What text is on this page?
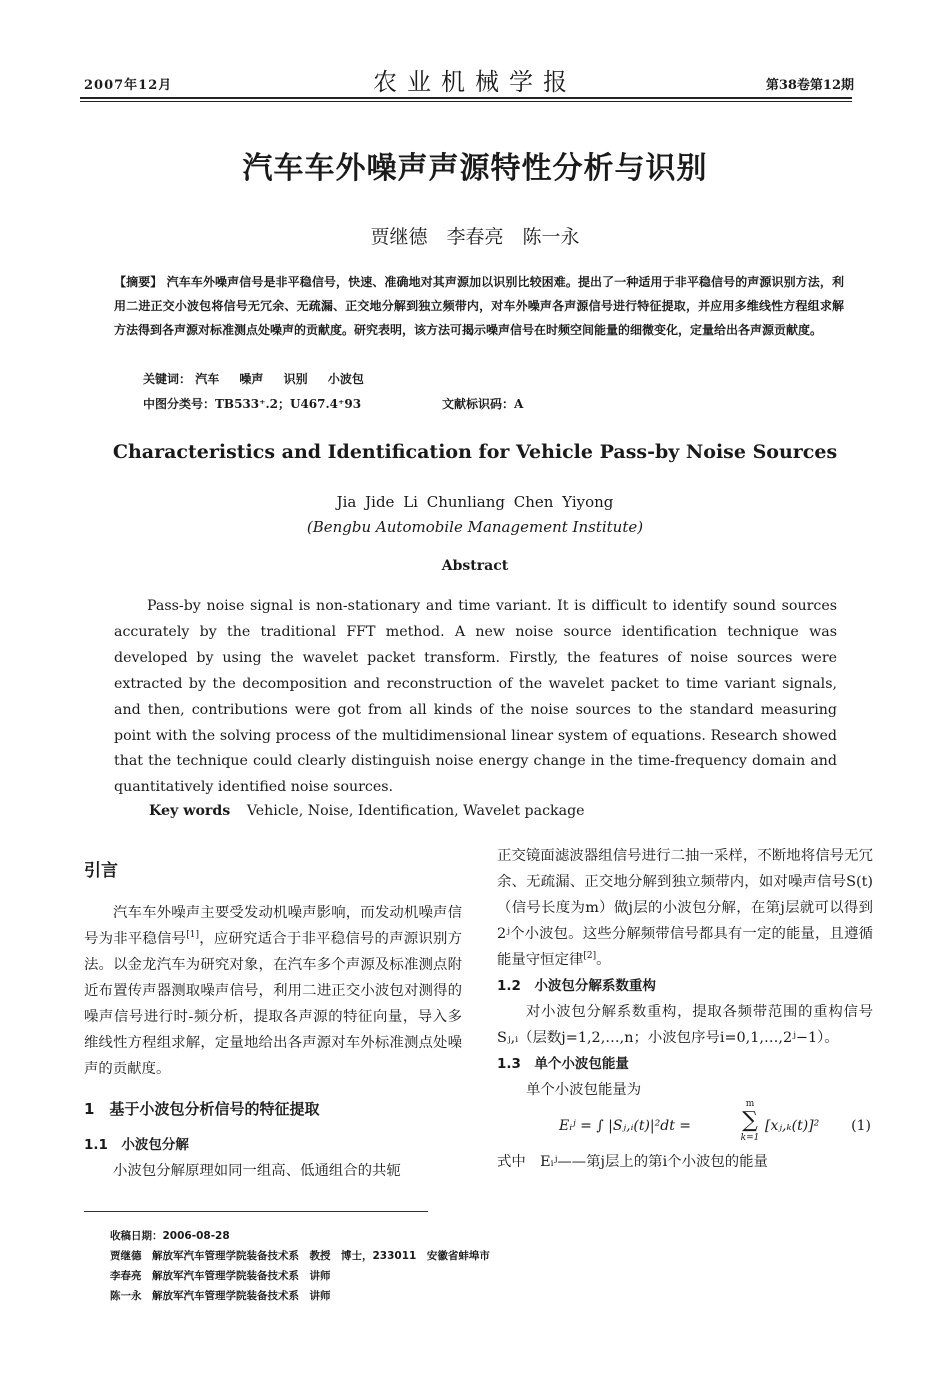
2007年12月	农业机械学报	第38卷第12期
汽车车外噪声声源特性分析与识别
贾继德　李春亮　陈一永
【摘要】 汽车车外噪声信号是非平稳信号，快速、准确地对其声源加以识别比较困难。提出了一种适用于非平稳信号的声源识别方法，利用二进正交小波包将信号无冗余、无疏漏、正交地分解到独立频带内，对车外噪声各声源信号进行特征提取，并应用多维线性方程组求解方法得到各声源对标准测点处噪声的贡献度。研究表明，该方法可揭示噪声信号在时频空间能量的细微变化，定量给出各声源贡献度。
关键词： 汽车 噪声 识别 小波包
中图分类号：TB533⁺.2；U467.4⁺93	文献标识码：A
Characteristics and Identification for Vehicle Pass-by Noise Sources
Jia Jide Li Chunliang Chen Yiyong
(Bengbu Automobile Management Institute)
Abstract
Pass-by noise signal is non-stationary and time variant. It is difficult to identify sound sources accurately by the traditional FFT method. A new noise source identification technique was developed by using the wavelet packet transform. Firstly, the features of noise sources were extracted by the decomposition and reconstruction of the wavelet packet to time variant signals, and then, contributions were got from all kinds of the noise sources to the standard measuring point with the solving process of the multidimensional linear system of equations. Research showed that the technique could clearly distinguish noise energy change in the time-frequency domain and quantitatively identified noise sources.
Key words Vehicle, Noise, Identification, Wavelet package
引言

汽车车外噪声主要受发动机噪声影响，而发动机噪声信号为非平稳信号[1]，应研究适合于非平稳信号的声源识别方法。以金龙汽车为研究对象，在汽车多个声源及标准测点附近布置传声器测取噪声信号，利用二进正交小波包对测得的噪声信号进行时-频分析，提取各声源的特征向量，导入多维线性方程组求解，定量地给出各声源对车外标准测点处噪声的贡献度。

1　基于小波包分析信号的特征提取
1.1　小波包分解

小波包分解原理如同一组高、低通组合的共轭

正交镜面滤波器组信号进行二抽一采样，不断地将信号无冗余、无疏漏、正交地分解到独立频带内，如对噪声信号S(t)（信号长度为m）做j层的小波包分解，在第j层就可以得到2ʲ个小波包。这些分解频带信号都具有一定的能量，且遵循能量守恒定律[2]。

1.2　小波包分解系数重构

对小波包分解系数重构，提取各频带范围的重构信号Sⱼ,ᵢ（层数j=1,2,…,n；小波包序号i=0,1,…,2ʲ−1）。

1.3　单个小波包能量

单个小波包能量为

Eᵢʲ = ∫ |Sⱼ,ᵢ(t)|²dt =
m
∑
k=1
[xⱼ,ₖ(t)]² (1)

式中　Eᵢʲ——第j层上的第i个小波包的能量

收稿日期：2006-08-28
贾继德　解放军汽车管理学院装备技术系　教授　博士，233011　安徽省蚌埠市
李春亮　解放军汽车管理学院装备技术系　讲师
陈一永　解放军汽车管理学院装备技术系　讲师
